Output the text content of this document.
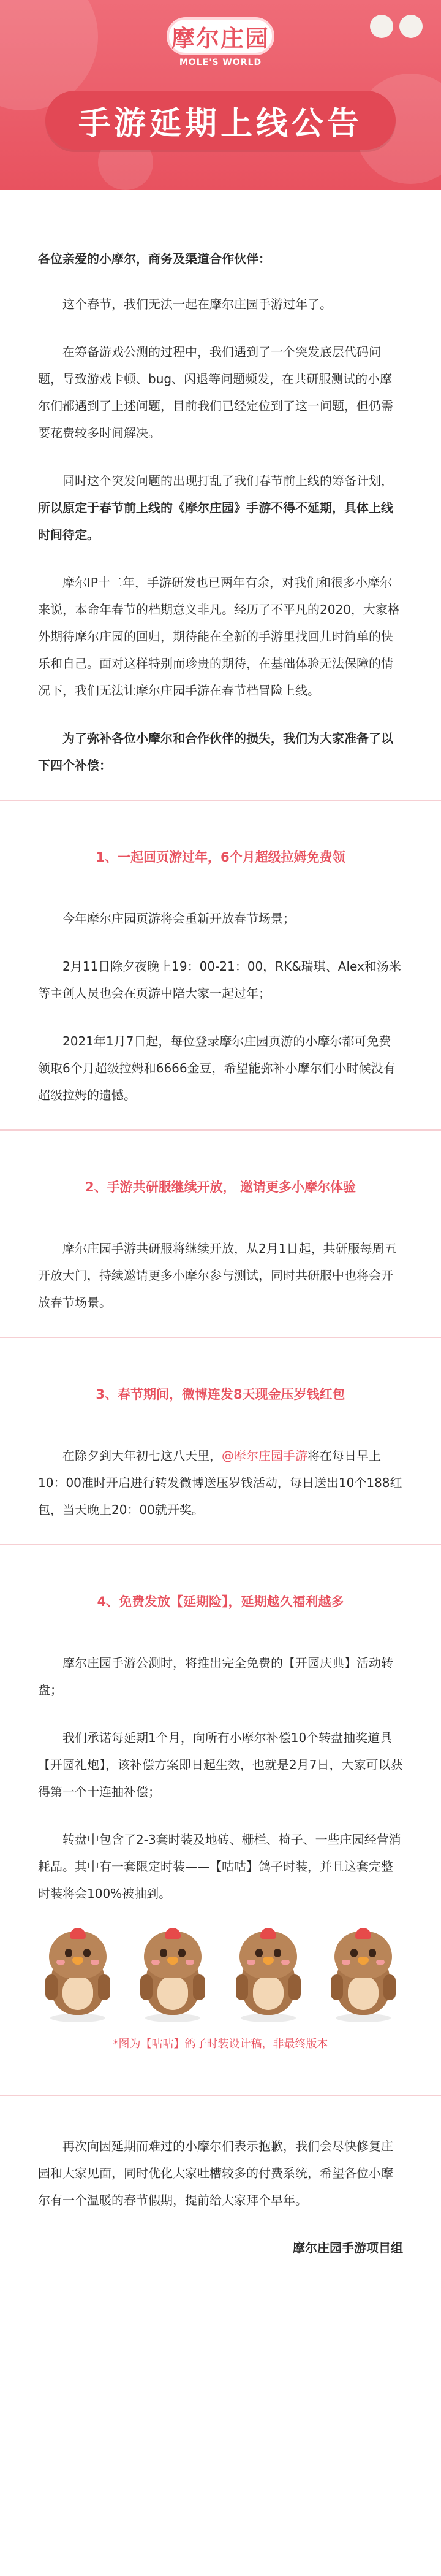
摩尔庄园
MOLE'S WORLD
手游延期上线公告

各位亲爱的小摩尔，商务及渠道合作伙伴：

这个春节，我们无法一起在摩尔庄园手游过年了。

在筹备游戏公测的过程中，我们遇到了一个突发底层代码问题，导致游戏卡顿、bug、闪退等问题频发，在共研服测试的小摩尔们都遇到了上述问题，目前我们已经定位到了这一问题，但仍需要花费较多时间解决。

同时这个突发问题的出现打乱了我们春节前上线的筹备计划，所以原定于春节前上线的《摩尔庄园》手游不得不延期，具体上线时间待定。

摩尔IP十二年，手游研发也已两年有余，对我们和很多小摩尔来说，本命年春节的档期意义非凡。经历了不平凡的2020，大家格外期待摩尔庄园的回归，期待能在全新的手游里找回儿时简单的快乐和自己。面对这样特别而珍贵的期待，在基础体验无法保障的情况下，我们无法让摩尔庄园手游在春节档冒险上线。

为了弥补各位小摩尔和合作伙伴的损失，我们为大家准备了以下四个补偿：

1、一起回页游过年，6个月超级拉姆免费领

今年摩尔庄园页游将会重新开放春节场景；

2月11日除夕夜晚上19：00-21：00，RK&瑞琪、Alex和汤米等主创人员也会在页游中陪大家一起过年；

2021年1月7日起，每位登录摩尔庄园页游的小摩尔都可免费领取6个月超级拉姆和6666金豆，希望能弥补小摩尔们小时候没有超级拉姆的遗憾。

2、手游共研服继续开放， 邀请更多小摩尔体验

摩尔庄园手游共研服将继续开放，从2月1日起，共研服每周五开放大门，持续邀请更多小摩尔参与测试，同时共研服中也将会开放春节场景。

3、春节期间，微博连发8天现金压岁钱红包

在除夕到大年初七这八天里，@摩尔庄园手游将在每日早上10：00准时开启进行转发微博送压岁钱活动，每日送出10个188红包，当天晚上20：00就开奖。

4、免费发放【延期险】，延期越久福利越多

摩尔庄园手游公测时，将推出完全免费的【开园庆典】活动转盘；

我们承诺每延期1个月，向所有小摩尔补偿10个转盘抽奖道具【开园礼炮】，该补偿方案即日起生效，也就是2月7日，大家可以获得第一个十连抽补偿；

转盘中包含了2-3套时装及地砖、栅栏、椅子、一些庄园经营消耗品。其中有一套限定时装——【咕咕】鸽子时装，并且这套完整时装将会100%被抽到。

*图为【咕咕】鸽子时装设计稿，非最终版本

再次向因延期而难过的小摩尔们表示抱歉，我们会尽快修复庄园和大家见面，同时优化大家吐槽较多的付费系统，希望各位小摩尔有一个温暖的春节假期，提前给大家拜个早年。

摩尔庄园手游项目组
